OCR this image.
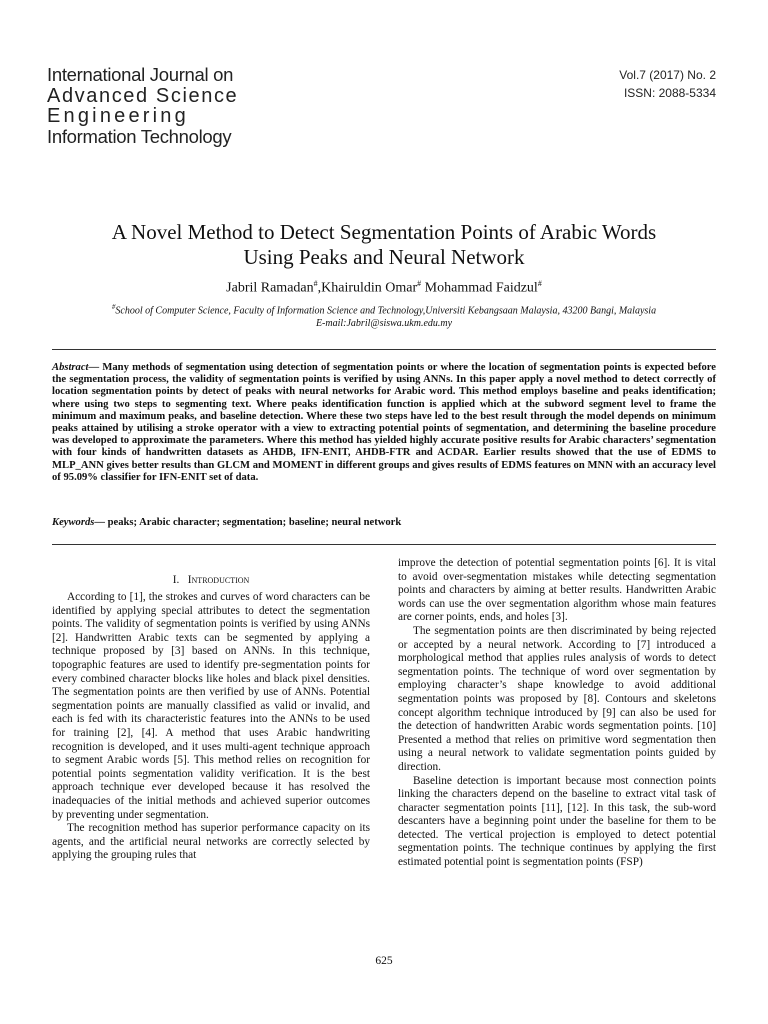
International Journal on
Advanced Science
Engineering
Information Technology
Vol.7 (2017) No. 2
ISSN: 2088-5334
A Novel Method to Detect Segmentation Points of Arabic Words
Using Peaks and Neural Network
Jabril Ramadan#,Khairuldin Omar# Mohammad Faidzul#
#School of Computer Science, Faculty of Information Science and Technology,Universiti Kebangsaan Malaysia, 43200 Bangi, Malaysia
E-mail:Jabril@siswa.ukm.edu.my
Abstract— Many methods of segmentation using detection of segmentation points or where the location of segmentation points is expected before the segmentation process, the validity of segmentation points is verified by using ANNs. In this paper apply a novel method to detect correctly of location segmentation points by detect of peaks with neural networks for Arabic word. This method employs baseline and peaks identification; where using two steps to segmenting text. Where peaks identification function is applied which at the subword segment level to frame the minimum and maximum peaks, and baseline detection. Where these two steps have led to the best result through the model depends on minimum peaks attained by utilising a stroke operator with a view to extracting potential points of segmentation, and determining the baseline procedure was developed to approximate the parameters. Where this method has yielded highly accurate positive results for Arabic characters’ segmentation with four kinds of handwritten datasets as AHDB, IFN-ENIT, AHDB-FTR and ACDAR. Earlier results showed that the use of EDMS to MLP_ANN gives better results than GLCM and MOMENT in different groups and gives results of EDMS features on MNN with an accuracy level of 95.09% classifier for IFN-ENIT set of data.
Keywords— peaks; Arabic character; segmentation; baseline; neural network
I. Introduction

According to [1], the strokes and curves of word characters can be identified by applying special attributes to detect the segmentation points. The validity of segmentation points is verified by using ANNs [2]. Handwritten Arabic texts can be segmented by applying a technique proposed by [3] based on ANNs. In this technique, topographic features are used to identify pre-segmentation points for every combined character blocks like holes and black pixel densities. The segmentation points are then verified by use of ANNs. Potential segmentation points are manually classified as valid or invalid, and each is fed with its characteristic features into the ANNs to be used for training [2], [4]. A method that uses Arabic handwriting recognition is developed, and it uses multi-agent technique approach to segment Arabic words [5]. This method relies on recognition for potential points segmentation validity verification. It is the best approach technique ever developed because it has resolved the inadequacies of the initial methods and achieved superior outcomes by preventing under segmentation.

The recognition method has superior performance capacity on its agents, and the artificial neural networks are correctly selected by applying the grouping rules that

improve the detection of potential segmentation points [6]. It is vital to avoid over-segmentation mistakes while detecting segmentation points and characters by aiming at better results. Handwritten Arabic words can use the over segmentation algorithm whose main features are corner points, ends, and holes [3].

The segmentation points are then discriminated by being rejected or accepted by a neural network. According to [7] introduced a morphological method that applies rules analysis of words to detect segmentation points. The technique of word over segmentation by employing character’s shape knowledge to avoid additional segmentation points was proposed by [8]. Contours and skeletons concept algorithm technique introduced by [9] can also be used for the detection of handwritten Arabic words segmentation points. [10] Presented a method that relies on primitive word segmentation then using a neural network to validate segmentation points guided by direction.

Baseline detection is important because most connection points linking the characters depend on the baseline to extract vital task of character segmentation points [11], [12]. In this task, the sub-word descanters have a beginning point under the baseline for them to be detected. The vertical projection is employed to detect potential segmentation points. The technique continues by applying the first estimated potential point is segmentation points (FSP)

625
